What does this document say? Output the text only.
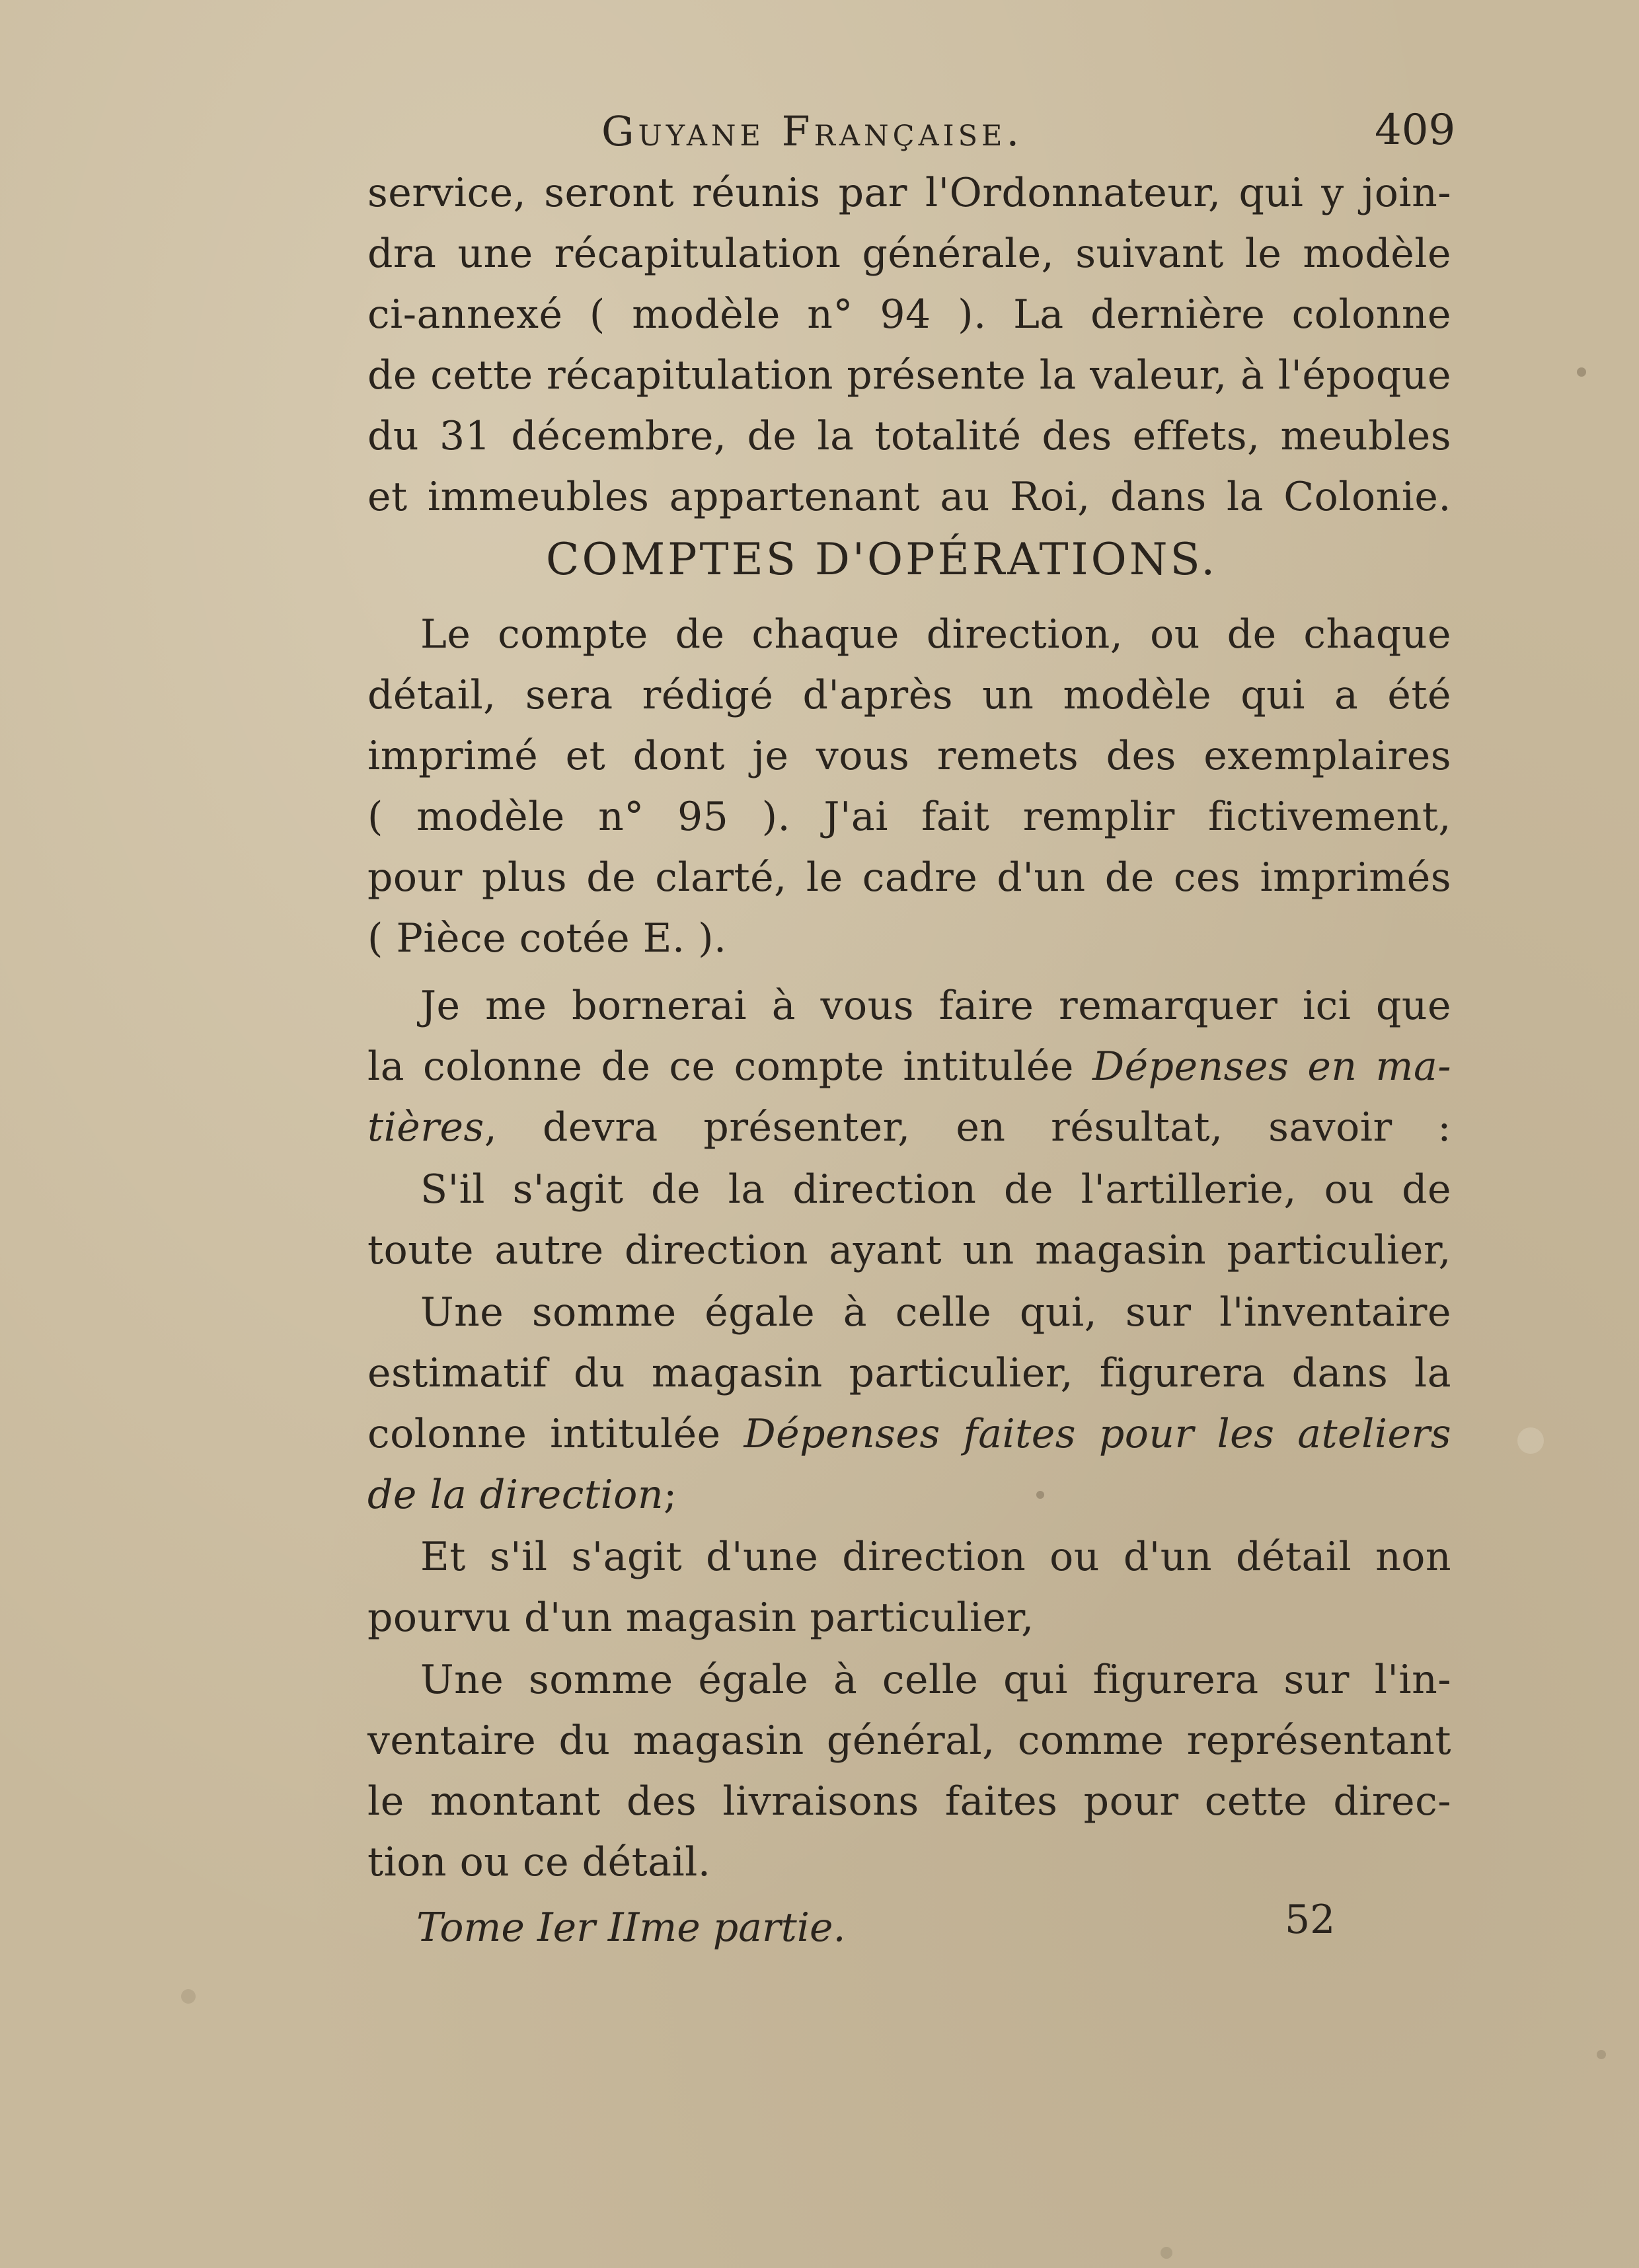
Guyane Française.	409
service, seront réunis par l'Ordonnateur, qui y join-
dra une récapitulation générale, suivant le modèle
ci-annexé ( modèle n° 94 ). La dernière colonne
de cette récapitulation présente la valeur, à l'époque
du 31 décembre, de la totalité des effets, meubles
et immeubles appartenant au Roi, dans la Colonie.
COMPTES D'OPÉRATIONS.
Le compte de chaque direction, ou de chaque
détail, sera rédigé d'après un modèle qui a été
imprimé et dont je vous remets des exemplaires
( modèle n° 95 ). J'ai fait remplir fictivement,
pour plus de clarté, le cadre d'un de ces imprimés
( Pièce cotée E. ).
Je me bornerai à vous faire remarquer ici que
la colonne de ce compte intitulée Dépenses en ma-
tières, devra présenter, en résultat, savoir :
S'il s'agit de la direction de l'artillerie, ou de
toute autre direction ayant un magasin particulier,
Une somme égale à celle qui, sur l'inventaire
estimatif du magasin particulier, figurera dans la
colonne intitulée Dépenses faites pour les ateliers
de la direction;
Et s'il s'agit d'une direction ou d'un détail non
pourvu d'un magasin particulier,
Une somme égale à celle qui figurera sur l'in-
ventaire du magasin général, comme représentant
le montant des livraisons faites pour cette direc-
tion ou ce détail.
Tome Ier IIme partie.	52
